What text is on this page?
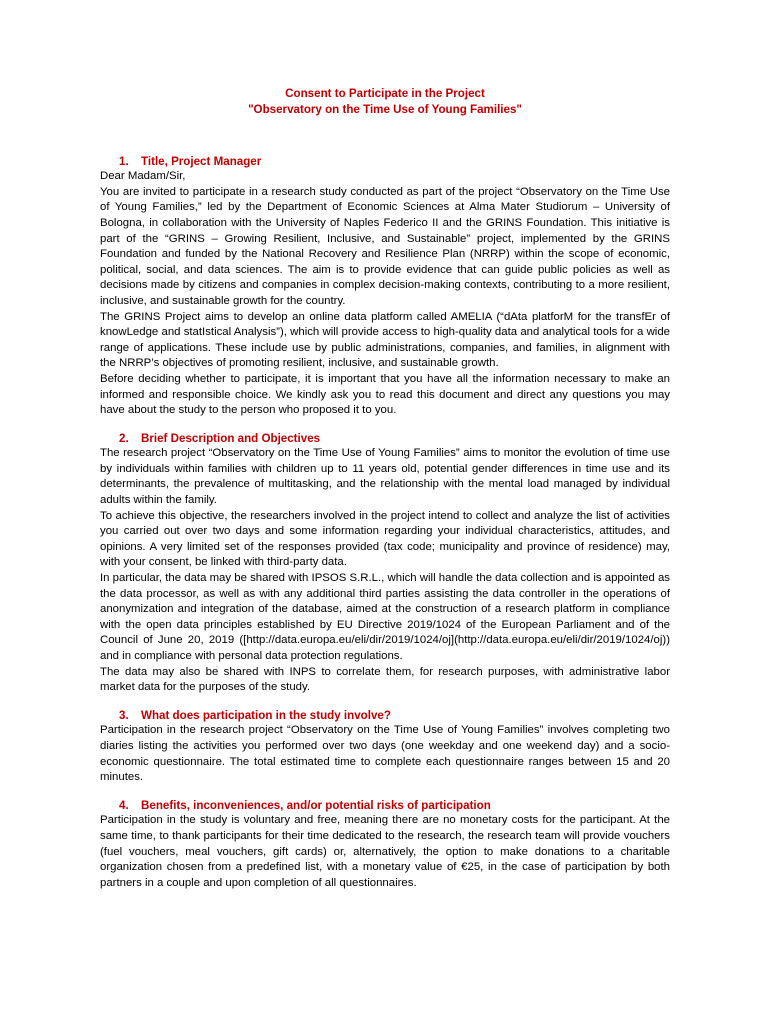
Consent to Participate in the Project

"Observatory on the Time Use of Young Families"

1. Title, Project Manager

Dear Madam/Sir,

You are invited to participate in a research study conducted as part of the project “Observatory on the Time Use of Young Families,” led by the Department of Economic Sciences at Alma Mater Studiorum – University of Bologna, in collaboration with the University of Naples Federico II and the GRINS Foundation. This initiative is part of the “GRINS – Growing Resilient, Inclusive, and Sustainable” project, implemented by the GRINS Foundation and funded by the National Recovery and Resilience Plan (NRRP) within the scope of economic, political, social, and data sciences. The aim is to provide evidence that can guide public policies as well as decisions made by citizens and companies in complex decision-making contexts, contributing to a more resilient, inclusive, and sustainable growth for the country.

The GRINS Project aims to develop an online data platform called AMELIA (“dAta platforM for the transfEr of knowLedge and statIstical Analysis”), which will provide access to high-quality data and analytical tools for a wide range of applications. These include use by public administrations, companies, and families, in alignment with the NRRP’s objectives of promoting resilient, inclusive, and sustainable growth.

Before deciding whether to participate, it is important that you have all the information necessary to make an informed and responsible choice. We kindly ask you to read this document and direct any questions you may have about the study to the person who proposed it to you.

2. Brief Description and Objectives

The research project “Observatory on the Time Use of Young Families” aims to monitor the evolution of time use by individuals within families with children up to 11 years old, potential gender differences in time use and its determinants, the prevalence of multitasking, and the relationship with the mental load managed by individual adults within the family.

To achieve this objective, the researchers involved in the project intend to collect and analyze the list of activities you carried out over two days and some information regarding your individual characteristics, attitudes, and opinions. A very limited set of the responses provided (tax code; municipality and province of residence) may, with your consent, be linked with third-party data.

In particular, the data may be shared with IPSOS S.R.L., which will handle the data collection and is appointed as the data processor, as well as with any additional third parties assisting the data controller in the operations of anonymization and integration of the database, aimed at the construction of a research platform in compliance with the open data principles established by EU Directive 2019/1024 of the European Parliament and of the Council of June 20, 2019 ([http://data.europa.eu/eli/dir/2019/1024/oj](http://data.europa.eu/eli/dir/2019/1024/oj)) and in compliance with personal data protection regulations.

The data may also be shared with INPS to correlate them, for research purposes, with administrative labor market data for the purposes of the study.

3. What does participation in the study involve?

Participation in the research project “Observatory on the Time Use of Young Families” involves completing two diaries listing the activities you performed over two days (one weekday and one weekend day) and a socio-economic questionnaire. The total estimated time to complete each questionnaire ranges between 15 and 20 minutes.

4. Benefits, inconveniences, and/or potential risks of participation

Participation in the study is voluntary and free, meaning there are no monetary costs for the participant. At the same time, to thank participants for their time dedicated to the research, the research team will provide vouchers (fuel vouchers, meal vouchers, gift cards) or, alternatively, the option to make donations to a charitable organization chosen from a predefined list, with a monetary value of €25, in the case of participation by both partners in a couple and upon completion of all questionnaires.
